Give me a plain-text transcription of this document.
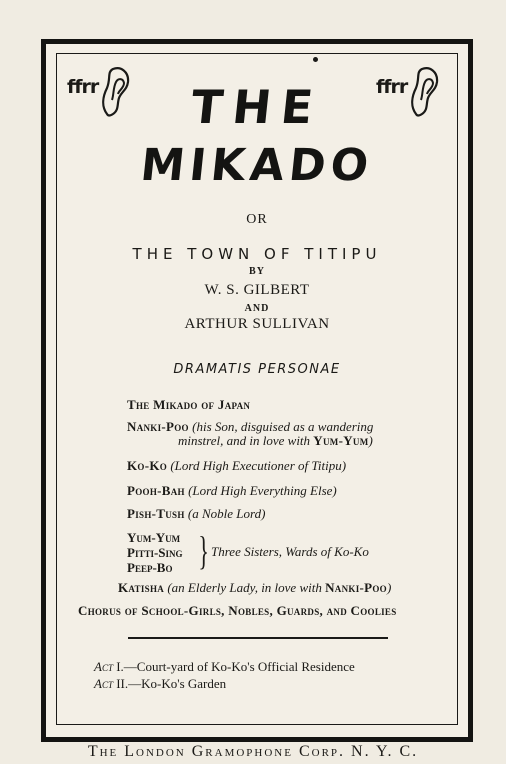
ffrr	ffrr
THE
MIKADO
OR
THE TOWN OF TITIPU
BY
W. S. GILBERT
AND
ARTHUR SULLIVAN
DRAMATIS PERSONAE
The Mikado of Japan
Nanki-Poo (his Son, disguised as a wandering
minstrel, and in love with Yum-Yum)
Ko-Ko (Lord High Executioner of Titipu)
Pooh-Bah (Lord High Everything Else)
Pish-Tush (a Noble Lord)
Yum-Yum
Pitti-Sing
Peep-Bo } Three Sisters, Wards of Ko-Ko
Katisha (an Elderly Lady, in love with Nanki-Poo)
Chorus of School-Girls, Nobles, Guards, and Coolies
Act I.—Court-yard of Ko-Ko's Official Residence
Act II.—Ko-Ko's Garden
The London Gramophone Corp. N. Y. C.
